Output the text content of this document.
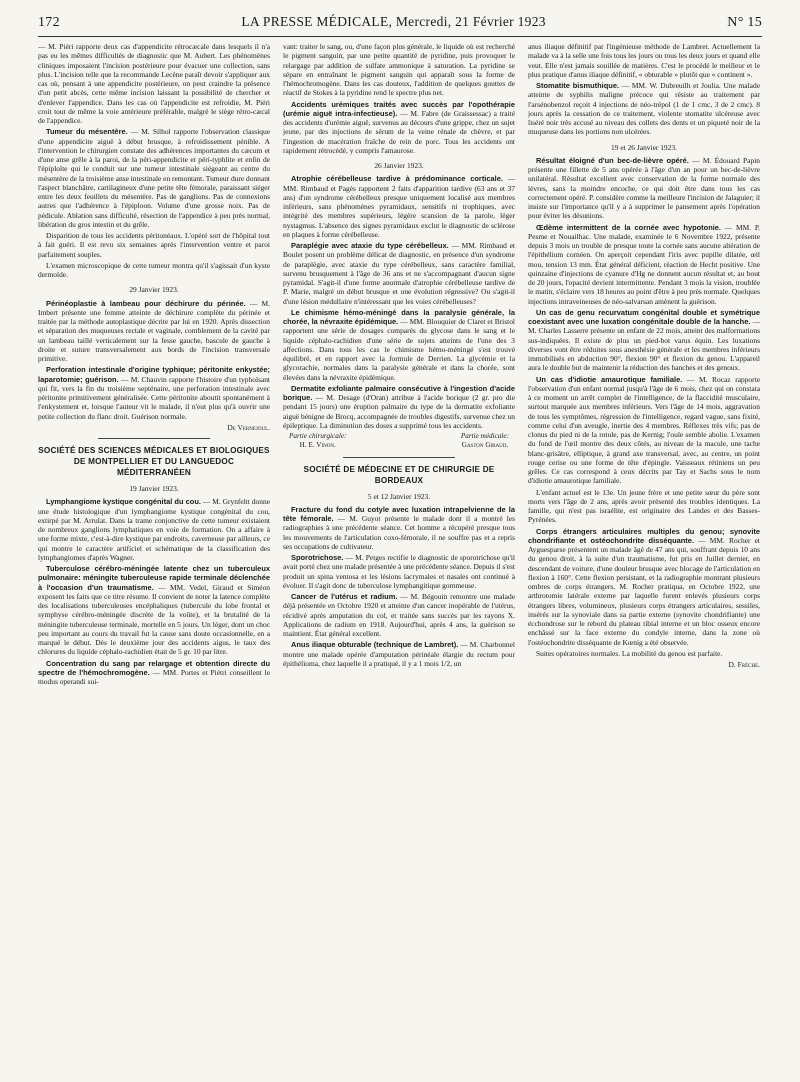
172	LA PRESSE MÉDICALE, Mercredi, 21 Février 1923	N° 15

— M. Piéri rapporte deux cas d'appendicite rétrocæcale dans lesquels il n'a pas eu les mêmes difficultés de diagnostic que M. Aubert. Les phénomènes cliniques imposaient l'incision postérieure pour évacuer une collection, sans plus. L'incision telle que la recommande Lecène paraît devoir s'appliquer aux cas où, pensant à une appendicite postérieure, on peut craindre la présence d'un petit abcès, cette même incision laissant la possibilité de chercher et d'enlever l'appendice. Dans les cas où l'appendicite est refroidie, M. Piéri croit tout de même la voie antérieure préférable, malgré le siège rétro-cæcal de l'appendice.

Tumeur du mésentère. — M. Silhol rapporte l'observation classique d'une appendicite aiguë à début brusque, à refroidissement pénible. A l'intervention le chirurgien constate des adhérences importantes du cæcum et d'une anse grêle à la paroi, de la péri-appendicite et péri-typhlite et enfin de l'épiploïte qui le conduit sur une tumeur intestinale siégeant au centre du mésentère de la troisième anse intestinale en remontant. Tumeur dure donnant l'aspect blanchâtre, cartilagineux d'une petite tête fémorale, paraissant siéger entre les deux feuillets du mésentère. Pas de ganglions. Pas de connexions autres que l'adhérence à l'épiploon. Volume d'une grosse noix. Pas de pédicule. Ablation sans difficulté, résection de l'appendice à peu près normal, libération du gros intestin et du grêle.

Disparition de tous les accidents péritonéaux. L'opéré sort de l'hôpital tout à fait guéri. Il est revu six semaines après l'intervention ventre et paroi parfaitement souples.

L'examen microscopique de cette tumeur montra qu'il s'agissait d'un kyste dermoïde.

29 Janvier 1923.

Périnéoplastie à lambeau pour déchirure du périnée. — M. Imbert présente une femme atteinte de déchirure complète du périnée et traitée par la méthode autoplastique décrite par lui en 1920. Après dissection et séparation des muqueuses rectale et vaginale, comblement de la cavité par un lambeau taillé verticalement sur la fesse gauche, bascule de gauche à droite et suture transversalement aux bords de l'incision transversale primitive.

Perforation intestinale d'origine typhique; péritonite enkystée; laparotomie; guérison. — M. Chauvin rapporte l'histoire d'un typhoïsant qui fit, vers la fin du troisième septénaire, une perforation intestinale avec péritonite primitivement généralisée. Cette péritonite aboutit spontanément à l'enkystement et, lorsque l'auteur vit le malade, il n'eut plus qu'à ouvrir une petite collection du flanc droit. Guérison normale.

De Vernejoul.
SOCIÉTÉ DES SCIENCES MÉDICALES ET BIOLOGIQUES DE MONTPELLIER ET DU LANGUEDOC MÉDITERRANÉEN
19 Janvier 1923.

Lymphangiome kystique congénital du cou. — M. Grynfeltt donne une étude histologique d'un lymphangiome kystique congénital du cou, extirpé par M. Arrulat. Dans la trame conjonctive de cette tumeur existaient de nombreux ganglions lymphatiques en voie de formation. On a affaire à une forme mixte, c'est-à-dire kystique par endroits, caverneuse par ailleurs, ce qui montre le caractère artificiel et schématique de la classification des lymphangiomes d'après Wagner.

Tuberculose cérébro-méningée latente chez un tuberculeux pulmonaire: méningite tuberculeuse rapide terminale déclenchée à l'occasion d'un traumatisme. — MM. Vedel, Giraud et Siméon exposent les faits que ce titre résume. Il convient de noter la latence complète des localisations tuberculeuses encéphaliques (tubercule du lobe frontal et symphyse cérébro-méningée discrète de la voûte), et la brutalité de la méningite tuberculeuse terminale, mortelle en 5 jours. Un léger, dont un choc peu important au cours du travail fut la cause sans doute occasionnelle, en a marqué le début. Dès le deuxième jour des accidents aigus, le taux des chlorures du liquide céphalo-rachidien était de 5 gr. 10 par litre.

Concentration du sang par relargage et obtention directe du spectre de l'hémochromogène. — MM. Portes et Piétri conseillent le modus operandi sui-

vant: traiter le sang, ou, d'une façon plus générale, le liquide où est recherché le pigment sanguin, par une petite quantité de pyridine, puis provoquer le relargage par addition de sulfate ammonique à saturation. La pyridine se sépare en entraînant le pigment sanguin qui apparaît sous la forme de l'hémochromogène. Dans les cas douteux, l'addition de quelques gouttes de réactif de Stokes à la pyridine rend le spectre plus net.

Accidents urémiques traités avec succès par l'opothérapie (urémie aiguë intra-infectieuse). — M. Fabre (de Graissessac) a traité des accidents d'urémie aiguë, survenus au décours d'une grippe, chez un sujet jeune, par des injections de sérum de la veine rénale de chèvre, et par l'ingestion de macération fraîche de rein de porc. Tous les accidents ont rapidement rétrocédé, y compris l'amaurose.

26 Janvier 1923.

Atrophie cérébelleuse tardive à prédominance corticale. — MM. Rimbaud et Pagès rapportent 2 faits d'apparition tardive (63 ans et 37 ans) d'un syndrome cérébelleux presque uniquement localisé aux membres inférieurs, sans phénomènes pyramidaux, sensitifs ni trophiques, avec intégrité des membres supérieurs, légère scansion de la parole, léger nystagmus. L'absence des signes pyramidaux exclut le diagnostic de sclérose en plaques à forme cérébelleuse.

Paraplégie avec ataxie du type cérébelleux. — MM. Rimbaud et Boulet posent un problème délicat de diagnostic, en présence d'un syndrome de paraplégie, avec ataxie du type cérébelleux, sans caractère familial, survenu brusquement à l'âge de 36 ans et ne s'accompagnant d'aucun signe pyramidal. S'agit-il d'une forme anormale d'atrophie cérébelleuse tardive de P. Marie, malgré un début brusque et une évolution régressive? Ou s'agit-il d'une lésion médullaire n'intéressant que les voies cérébelleuses?

Le chimisme hémo-méningé dans la paralysie générale, la chorée, la névraxite épidémique. — MM. Blouquier de Claret et Bristol rapportent une série de dosages comparés du glycose dans le sang et le liquide céphalo-rachidien d'une série de sujets atteints de l'une des 3 affections. Dans tous les cas le chimisme hémo-méningé s'est trouvé équilibré, et en rapport avec la formule de Derrien. La glycémie et la glycorachie, normales dans la paralysie générale et dans la chorée, sont élevées dans la névraxite épidémique.

Dermatite exfoliante palmaire consécutive à l'ingestion d'acide borique. — M. Desage (d'Oran) attribue à l'acide borique (2 gr. pro die pendant 15 jours) une éruption palmaire du type de la dermatite exfoliante aiguë bénigne de Brocq, accompagnée de troubles digestifs, survenue chez un épileptique. La diminution des doses a supprimé tous les accidents.

Partie chirurgicale:
H. E. Vinon.
Partie médicale:
Gaston Giraud.
SOCIÉTÉ DE MÉDECINE ET DE CHIRURGIE DE BORDEAUX
5 et 12 Janvier 1923.

Fracture du fond du cotyle avec luxation intrapelvienne de la tête fémorale. — M. Guyot présente le malade dont il a montré les radiographies à une précédente séance. Cet homme a récupéré presque tous les mouvements de l'articulation coxo-fémorale, il ne souffre pas et a repris ses occupations de cultivateur.

Sporotrichose. — M. Petges rectifie le diagnostic de sporotrichose qu'il avait porté chez une malade présentée à une précédente séance. Depuis il s'est produit un spina ventosa et les lésions lacrymales et nasales ont continué à évoluer. Il s'agit donc de tuberculose lymphangitique gommeuse.

Cancer de l'utérus et radium. — M. Bégouin remontre une malade déjà présentée en Octobre 1920 et atteinte d'un cancer inopérable de l'utérus, récidivé après amputation du col, et traitée sans succès par les rayons X. Applications de radium en 1918. Aujourd'hui, après 4 ans, la guérison se maintient. État général excellent.

Anus iliaque obturable (technique de Lambret). — M. Charbonnel montre une malade opérée d'amputation périnéale élargie du rectum pour épithélioma, chez laquelle il a pratiqué, il y a 1 mois 1/2, un

anus iliaque définitif par l'ingénieuse méthode de Lambret. Actuellement la malade va à la selle une fois tous les jours ou tous les deux jours et quand elle veut. Elle n'est jamais souillée de matières. C'est le procédé le meilleur et le plus pratique d'anus iliaque définitif, « obturable » plutôt que « continent ».

Stomatite bismuthique. — MM. W. Dubreuilh et Joulia. Une malade atteinte de syphilis maligne précoce qui résiste au traitement par l'arsénobenzol reçoit 4 injections de néo-trépol (1 de 1 cmc, 3 de 2 cmc). 8 jours après la cessation de ce traitement, violente stomatite ulcéreuse avec liséré noir très accusé au niveau des collets des dents et un piqueté noir de la muqueuse dans les portions non ulcérées.

19 et 26 Janvier 1923.

Résultat éloigné d'un bec-de-lièvre opéré. — M. Édouard Papin présente une fillette de 5 ans opérée à l'âge d'un an pour un bec-de-lièvre unilatéral. Résultat excellent avec conservation de la forme normale des lèvres, sans la moindre encoche, ce qui doit être dans tous les cas correctement opéré. P. considère comme la meilleure l'incision de Jalaguier; il insiste sur l'importance qu'il y a à supprimer le pansement après l'opération pour éviter les désunions.

Œdème intermittent de la cornée avec hypotonie. — MM. P. Pesme et Nouailhac. Une malade, examinée le 6 Novembre 1922, présente depuis 3 mois un trouble de presque toute la cornée sans aucune altération de l'épithélium cornéen. On aperçoit cependant l'iris avec pupille dilatée, œil mou, tension 13 mm. État général déficient, réaction de Hecht positive. Une quinzaine d'injections de cyanure d'Hg ne donnent aucun résultat et, au bout de 20 jours, l'opacité devient intermittente. Pendant 3 mois la vision, troublée le matin, s'éclaire vers 18 heures au point d'être à peu près normale. Quelques injections intraveineuses de néo-salvarsan amènent la guérison.

Un cas de genu recurvatum congénital double et symétrique coexistant avec une luxation congénitale double de la hanche. — M. Charles Lasserre présente un enfant de 22 mois, atteint des malformations sus-indiquées. Il existe de plus un pied-bot varus équin. Les luxations diverses vont être réduites sous anesthésie générale et les membres inférieurs immobilisés en abduction 90°, flexion 90° et flexion du genou. L'appareil aura le double but de maintenir la réduction des hanches et des genoux.

Un cas d'idiotie amaurotique familiale. — M. Rocaz rapporte l'observation d'un enfant normal jusqu'à l'âge de 6 mois, chez qui on constata à ce moment un arrêt complet de l'intelligence, de la flaccidité musculaire, surtout marquée aux membres inférieurs. Vers l'âge de 14 mois, aggravation de tous les symptômes, régression de l'intelligence, regard vague, sans fixité, comme celui d'un aveugle, inertie des 4 membres. Réflexes très vifs; pas de clonus du pied ni de la rotule, pas de Kernig; l'ouïe semble abolie. L'examen du fond de l'œil montre des deux côtés, au niveau de la macule, une tache blanc-grisâtre, elliptique, à grand axe transversal, avec, au centre, un point rouge cerise ou une forme de tête d'épingle. Vaisseaux rétiniens un peu grêles. Ce cas correspond à ceux décrits par Tay et Sachs sous le nom d'idiotie amaurotique familiale.

L'enfant actuel est le 13e. Un jeune frère et une petite sœur du père sont morts vers l'âge de 2 ans, après avoir présenté des troubles identiques. La famille, qui n'est pas israélite, est originaire des Landes et des Basses-Pyrénées.

Corps étrangers articulaires multiples du genou; synovite chondrifiante et ostéochondrite disséquante. — MM. Rocher et Ayguesparse présentent un malade âgé de 47 ans qui, souffrant depuis 10 ans du genou droit, à la suite d'un traumatisme, fut pris en Juillet dernier, en descendant de voiture, d'une douleur brusque avec blocage de l'articulation en flexion à 160°. Cette flexion persistant, et la radiographie montrant plusieurs ombres de corps étrangers, M. Rocher pratiqua, en Octobre 1922, une arthrotomie latérale externe par laquelle furent enlevés plusieurs corps étrangers libres, volumineux, plusieurs corps étrangers articulaires, sessiles, insérés sur la synoviale dans sa partie externe (synovite chondrifiante) une écchondrose sur le rebord du plateau tibial interne et un bloc osseux encore enchâssé sur la face externe du condyle interne, dans la zone où l'ostéochondrite disséquante de Kœnig a été observée.

Suites opératoires normales. La mobilité du genou est parfaite.

D. Frèche.
